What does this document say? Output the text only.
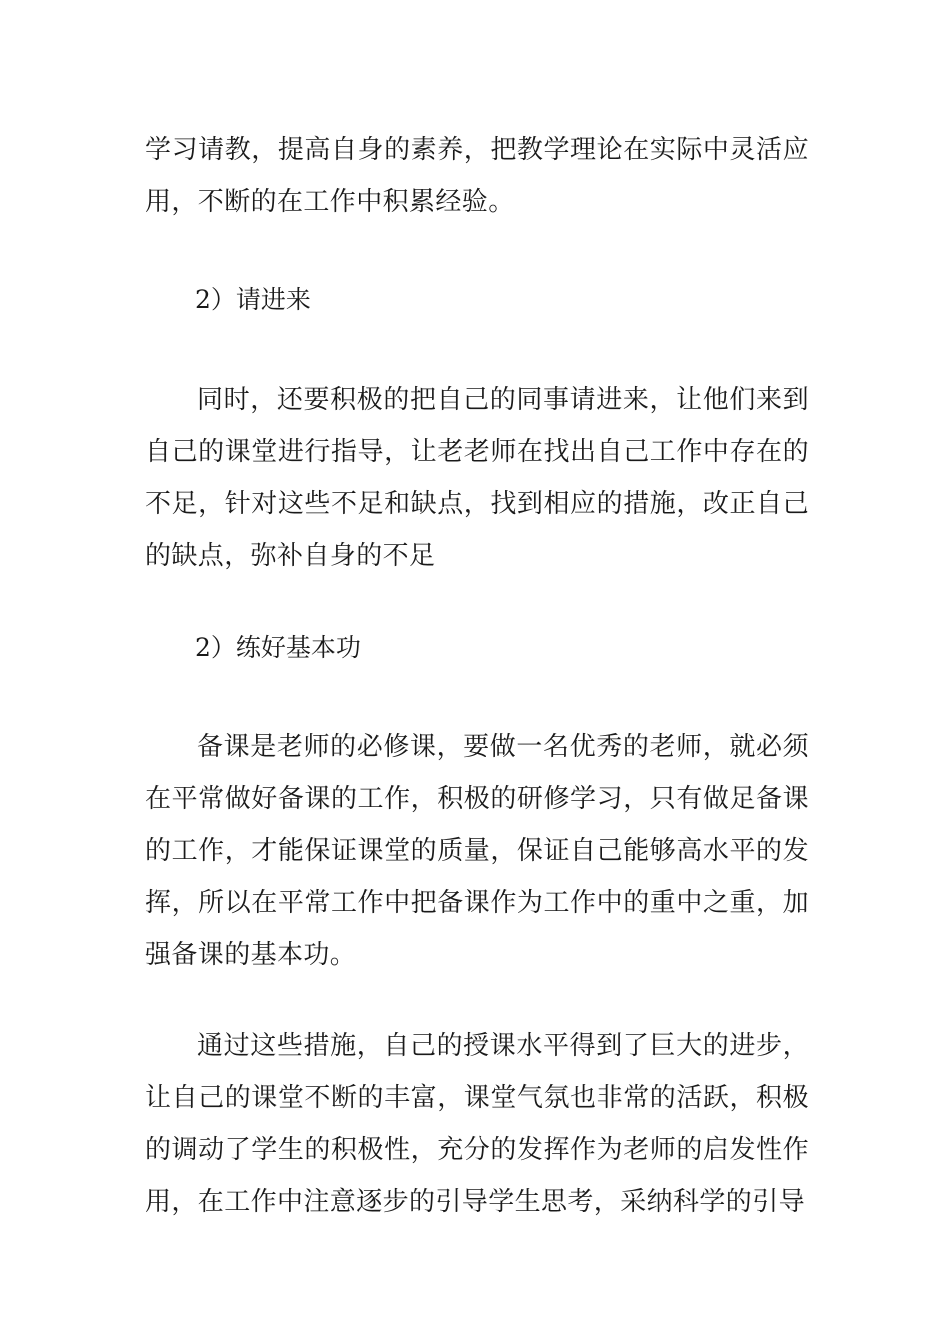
学习请教，提高自身的素养，把教学理论在实际中灵活应用，不断的在工作中积累经验。

2）请进来

同时，还要积极的把自己的同事请进来，让他们来到自己的课堂进行指导，让老老师在找出自己工作中存在的不足，针对这些不足和缺点，找到相应的措施，改正自己的缺点，弥补自身的不足

2）练好基本功

备课是老师的必修课，要做一名优秀的老师，就必须在平常做好备课的工作，积极的研修学习，只有做足备课的工作，才能保证课堂的质量，保证自己能够高水平的发挥，所以在平常工作中把备课作为工作中的重中之重，加强备课的基本功。

通过这些措施，自己的授课水平得到了巨大的进步，让自己的课堂不断的丰富，课堂气氛也非常的活跃，积极的调动了学生的积极性，充分的发挥作为老师的启发性作用，在工作中注意逐步的引导学生思考，采纳科学的引导
